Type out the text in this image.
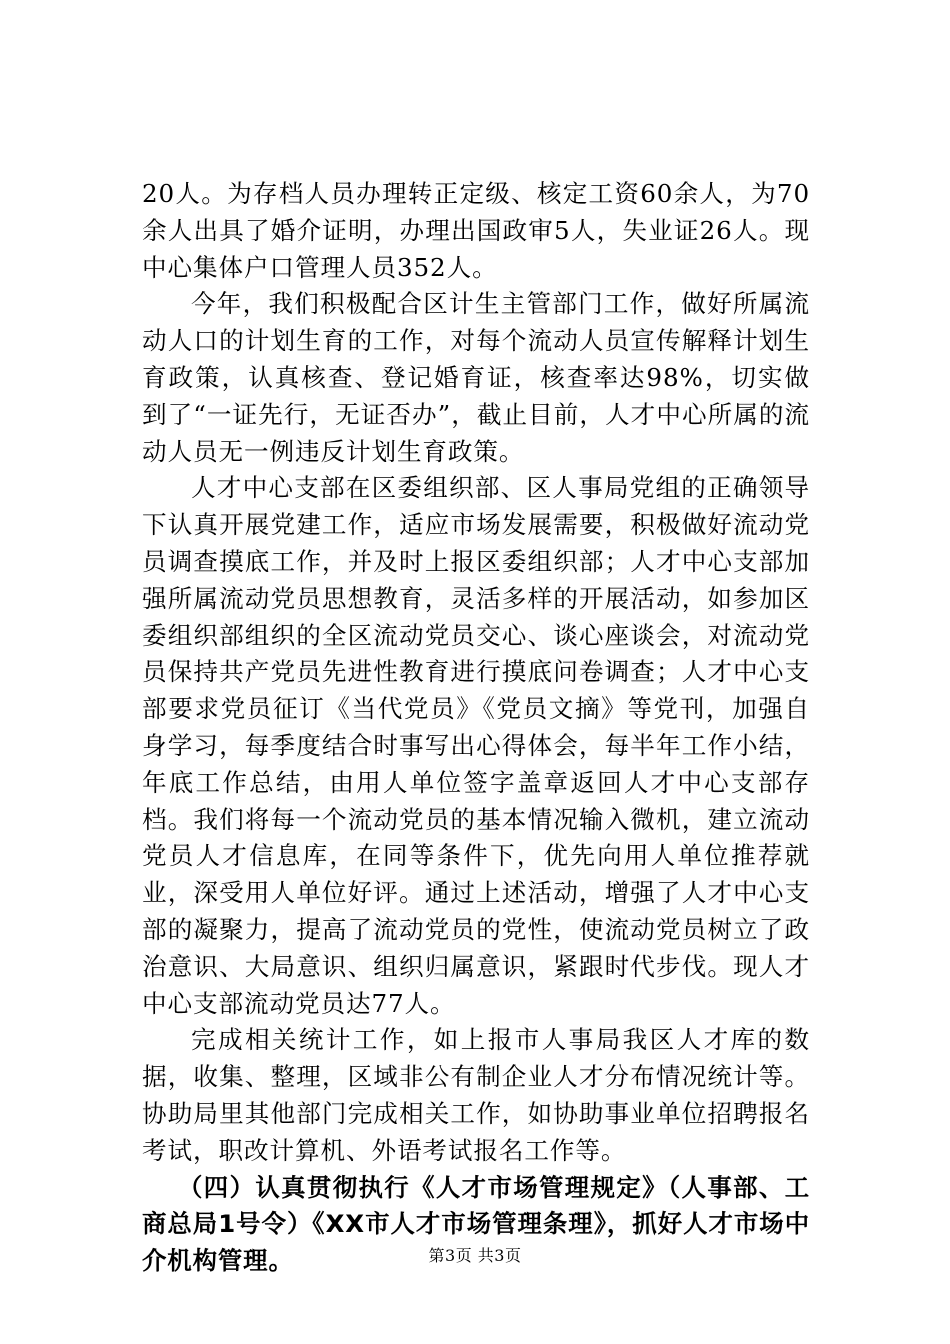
20人。为存档人员办理转正定级、核定工资60余人，为70余人出具了婚介证明，办理出国政审5人，失业证26人。现中心集体户口管理人员352人。

今年，我们积极配合区计生主管部门工作，做好所属流动人口的计划生育的工作，对每个流动人员宣传解释计划生育政策，认真核查、登记婚育证，核查率达98%，切实做到了“一证先行，无证否办”，截止目前，人才中心所属的流动人员无一例违反计划生育政策。

人才中心支部在区委组织部、区人事局党组的正确领导下认真开展党建工作，适应市场发展需要，积极做好流动党员调查摸底工作，并及时上报区委组织部；人才中心支部加强所属流动党员思想教育，灵活多样的开展活动，如参加区委组织部组织的全区流动党员交心、谈心座谈会，对流动党员保持共产党员先进性教育进行摸底问卷调查；人才中心支部要求党员征订《当代党员》《党员文摘》等党刊，加强自身学习，每季度结合时事写出心得体会，每半年工作小结，年底工作总结，由用人单位签字盖章返回人才中心支部存档。我们将每一个流动党员的基本情况输入微机，建立流动党员人才信息库，在同等条件下，优先向用人单位推荐就业，深受用人单位好评。通过上述活动，增强了人才中心支部的凝聚力，提高了流动党员的党性，使流动党员树立了政治意识、大局意识、组织归属意识，紧跟时代步伐。现人才中心支部流动党员达77人。

完成相关统计工作，如上报市人事局我区人才库的数据，收集、整理，区域非公有制企业人才分布情况统计等。协助局里其他部门完成相关工作，如协助事业单位招聘报名考试，职改计算机、外语考试报名工作等。

（四）认真贯彻执行《人才市场管理规定》（人事部、工商总局1号令）《XX市人才市场管理条理》，抓好人才市场中介机构管理。	第3页 共3页
